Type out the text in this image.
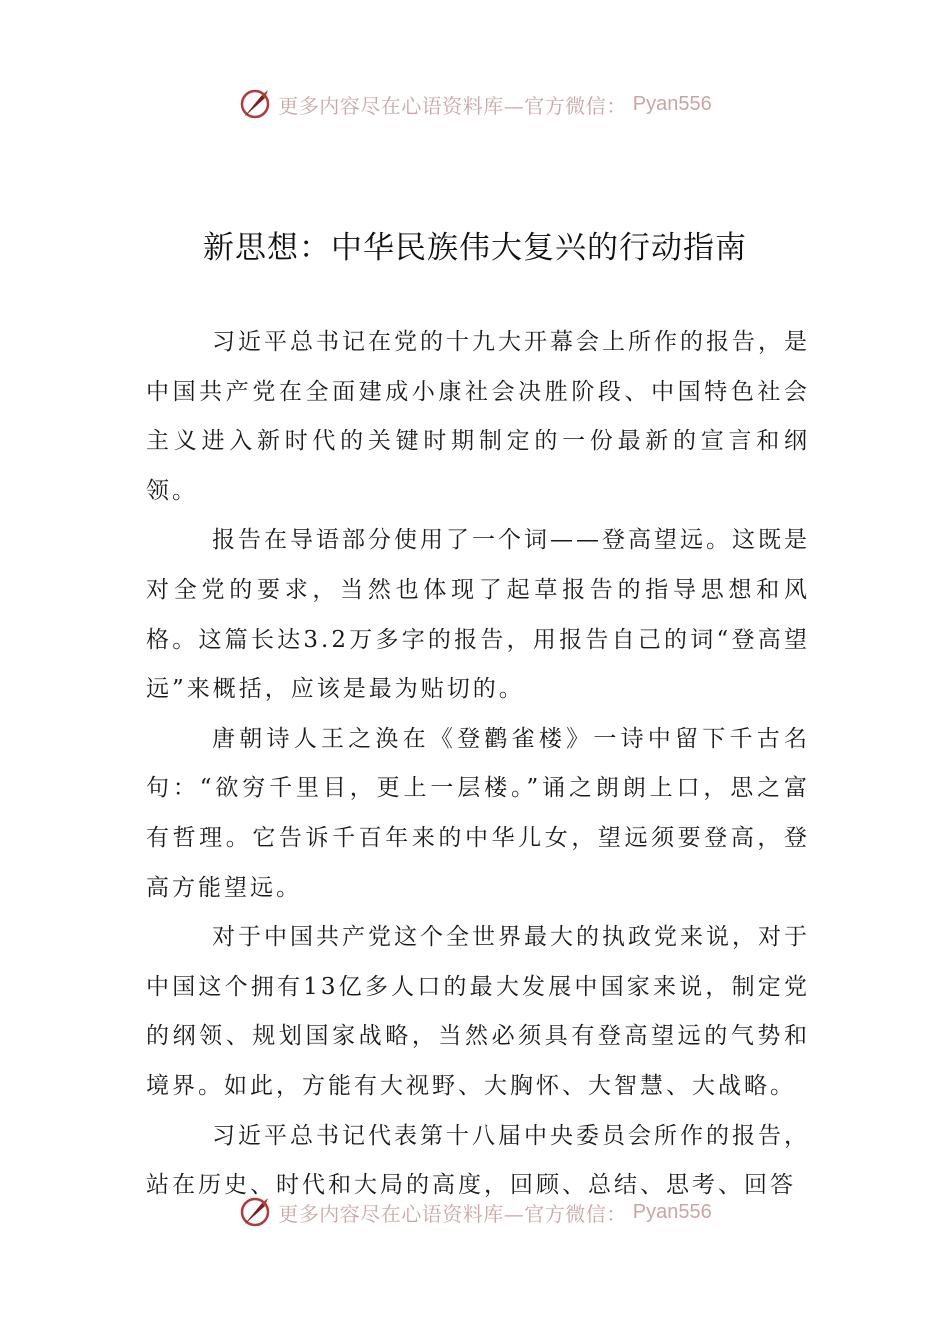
更多内容尽在心语资料库—官方微信： Pyan556
新思想：中华民族伟大复兴的行动指南

习近平总书记在党的十九大开幕会上所作的报告，是中国共产党在全面建成小康社会决胜阶段、中国特色社会主义进入新时代的关键时期制定的一份最新的宣言和纲领。

报告在导语部分使用了一个词——登高望远。这既是对全党的要求，当然也体现了起草报告的指导思想和风格。这篇长达3.2万多字的报告，用报告自己的词“登高望远”来概括，应该是最为贴切的。

唐朝诗人王之涣在《登鹳雀楼》一诗中留下千古名句：“欲穷千里目，更上一层楼。”诵之朗朗上口，思之富有哲理。它告诉千百年来的中华儿女，望远须要登高，登高方能望远。

对于中国共产党这个全世界最大的执政党来说，对于中国这个拥有13亿多人口的最大发展中国家来说，制定党的纲领、规划国家战略，当然必须具有登高望远的气势和境界。如此，方能有大视野、大胸怀、大智慧、大战略。

习近平总书记代表第十八届中央委员会所作的报告，站在历史、时代和大局的高度，回顾、总结、思考、回答

更多内容尽在心语资料库—官方微信： Pyan556
